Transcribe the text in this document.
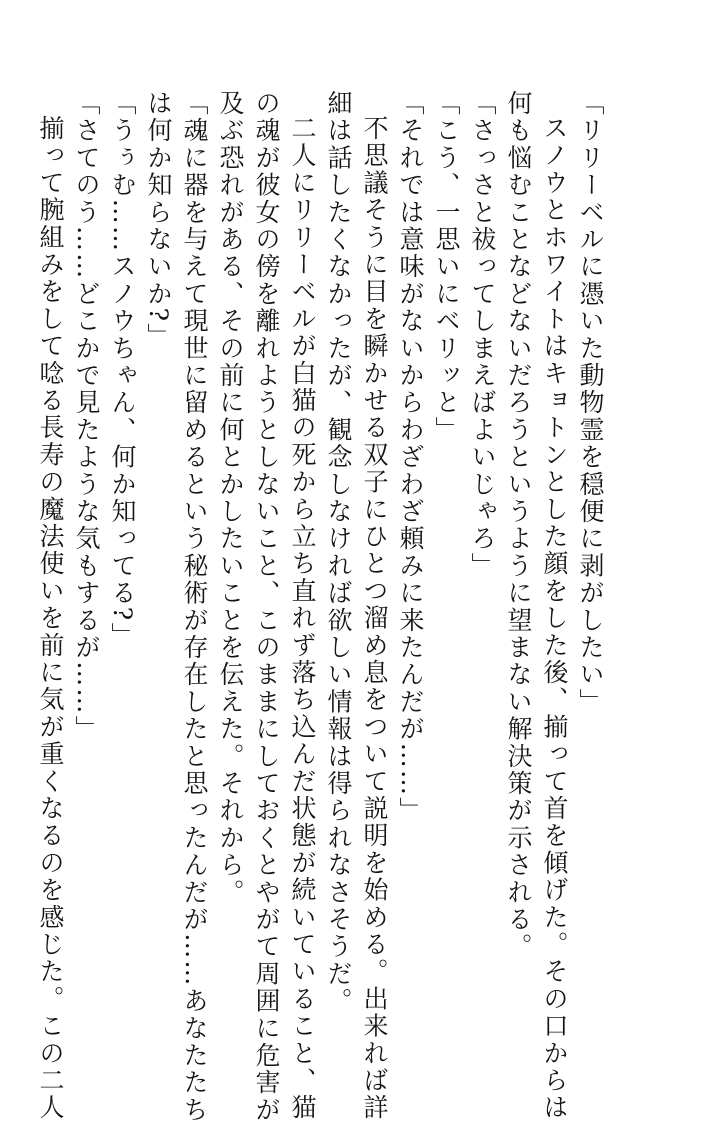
「リリーベルに憑いた動物霊を穏便に剥がしたい」
スノウとホワイトはキョトンとした顔をした後、揃って首を傾げた。その口からは
何も悩むことなどないだろうというように望まない解決策が示される。
「さっさと祓ってしまえばよいじゃろ」
「こう、一思いにベリッと」
「それでは意味がないからわざわざ頼みに来たんだが……」
不思議そうに目を瞬かせる双子にひとつ溜め息をついて説明を始める。出来れば詳
細は話したくなかったが、観念しなければ欲しい情報は得られなさそうだ。
二人にリリーベルが白猫の死から立ち直れず落ち込んだ状態が続いていること、猫
の魂が彼女の傍を離れようとしないこと、このままにしておくとやがて周囲に危害が
及ぶ恐れがある、その前に何とかしたいことを伝えた。それから。
「魂に器を与えて現世に留めるという秘術が存在したと思ったんだが……あなたたち
は何か知らないか?」
「うぅむ……スノウちゃん、何か知ってる?」
「さてのう……どこかで見たような気もするが……」
揃って腕組みをして唸る長寿の魔法使いを前に気が重くなるのを感じた。この二人
